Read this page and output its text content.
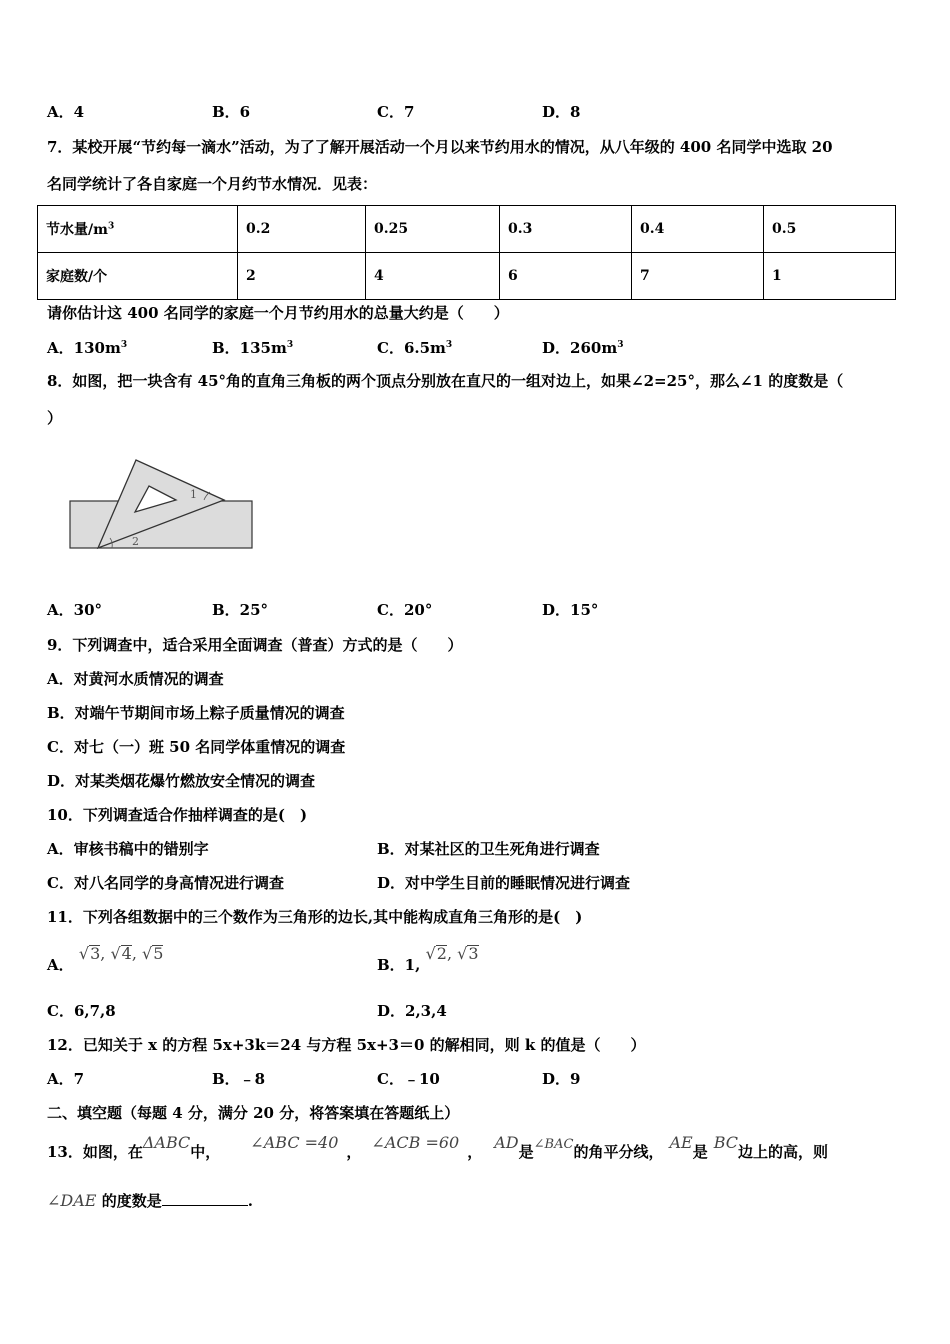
A．4	B．6	C．7	D．8
7．某校开展“节约每一滴水”活动，为了了解开展活动一个月以来节约用水的情况，从八年级的 400 名同学中选取 20
名同学统计了各自家庭一个月约节水情况．见表：
节水量$/m^3$	0.2	0.25	0.3	0.4	0.5
家庭数/个	2	4	6	7	1
请你估计这 400 名同学的家庭一个月节约用水的总量大约是（　　）
A．$130m^3$	B．$135m^3$	C．$6.5m^3$	D．$260m^3$
8．如图，把一块含有 45°角的直角三角板的两个顶点分别放在直尺的一组对边上，如果∠2=25°，那么∠1 的度数是（
）
1
2
A．30°	B．25°	C．20°	D．15°
9．下列调查中，适合采用全面调查（普查）方式的是（　　）
A．对黄河水质情况的调查
B．对端午节期间市场上粽子质量情况的调查
C．对七（一）班 50 名同学体重情况的调查
D．对某类烟花爆竹燃放安全情况的调查
10．下列调查适合作抽样调查的是(　)
A．审核书稿中的错别字	B．对某社区的卫生死角进行调查
C．对八名同学的身高情况进行调查	D．对中学生目前的睡眠情况进行调查
11．下列各组数据中的三个数作为三角形的边长,其中能构成直角三角形的是(　)
A． √3, √4, √5
B．1, √2, √3
C．6,7,8	D．2,3,4
12．已知关于 x 的方程 5x+3k＝24 与方程 5x+3＝0 的解相同，则 k 的值是（　　）
A．7	B．﹣8	C．﹣10	D．9
二、填空题（每题 4 分，满分 20 分，将答案填在答题纸上）
13．如图，在ΔABC中， ∠ABC =40 ， ∠ACB =60 ， AD是∠BAC的角平分线， AE是 BC边上的高，则
∠DAE 的度数是	.
